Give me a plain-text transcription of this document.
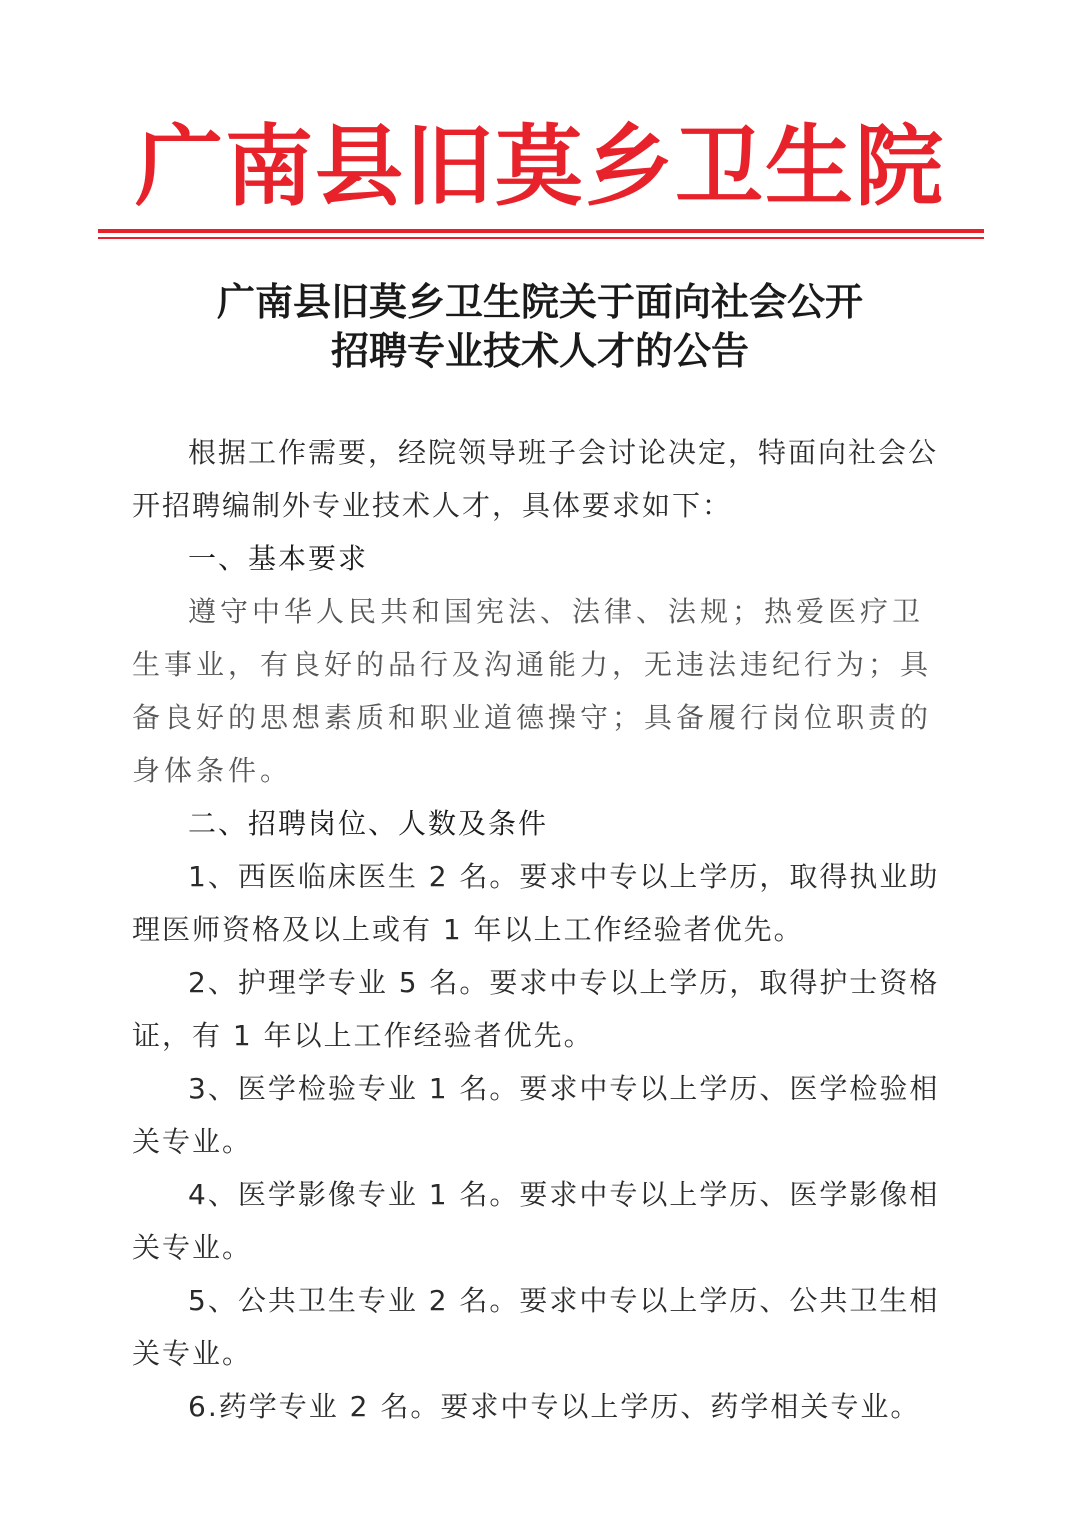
广南县旧莫乡卫生院
广南县旧莫乡卫生院关于面向社会公开
招聘专业技术人才的公告

根据工作需要，经院领导班子会讨论决定，特面向社会公开招聘编制外专业技术人才，具体要求如下：

一、基本要求

遵守中华人民共和国宪法、法律、法规；热爱医疗卫生事业，有良好的品行及沟通能力，无违法违纪行为；具备良好的思想素质和职业道德操守；具备履行岗位职责的身体条件。

二、招聘岗位、人数及条件

1、西医临床医生 2 名。要求中专以上学历，取得执业助理医师资格及以上或有 1 年以上工作经验者优先。

2、护理学专业 5 名。要求中专以上学历，取得护士资格证，有 1 年以上工作经验者优先。

3、医学检验专业 1 名。要求中专以上学历、医学检验相关专业。

4、医学影像专业 1 名。要求中专以上学历、医学影像相关专业。

5、公共卫生专业 2 名。要求中专以上学历、公共卫生相关专业。

6.药学专业 2 名。要求中专以上学历、药学相关专业。
